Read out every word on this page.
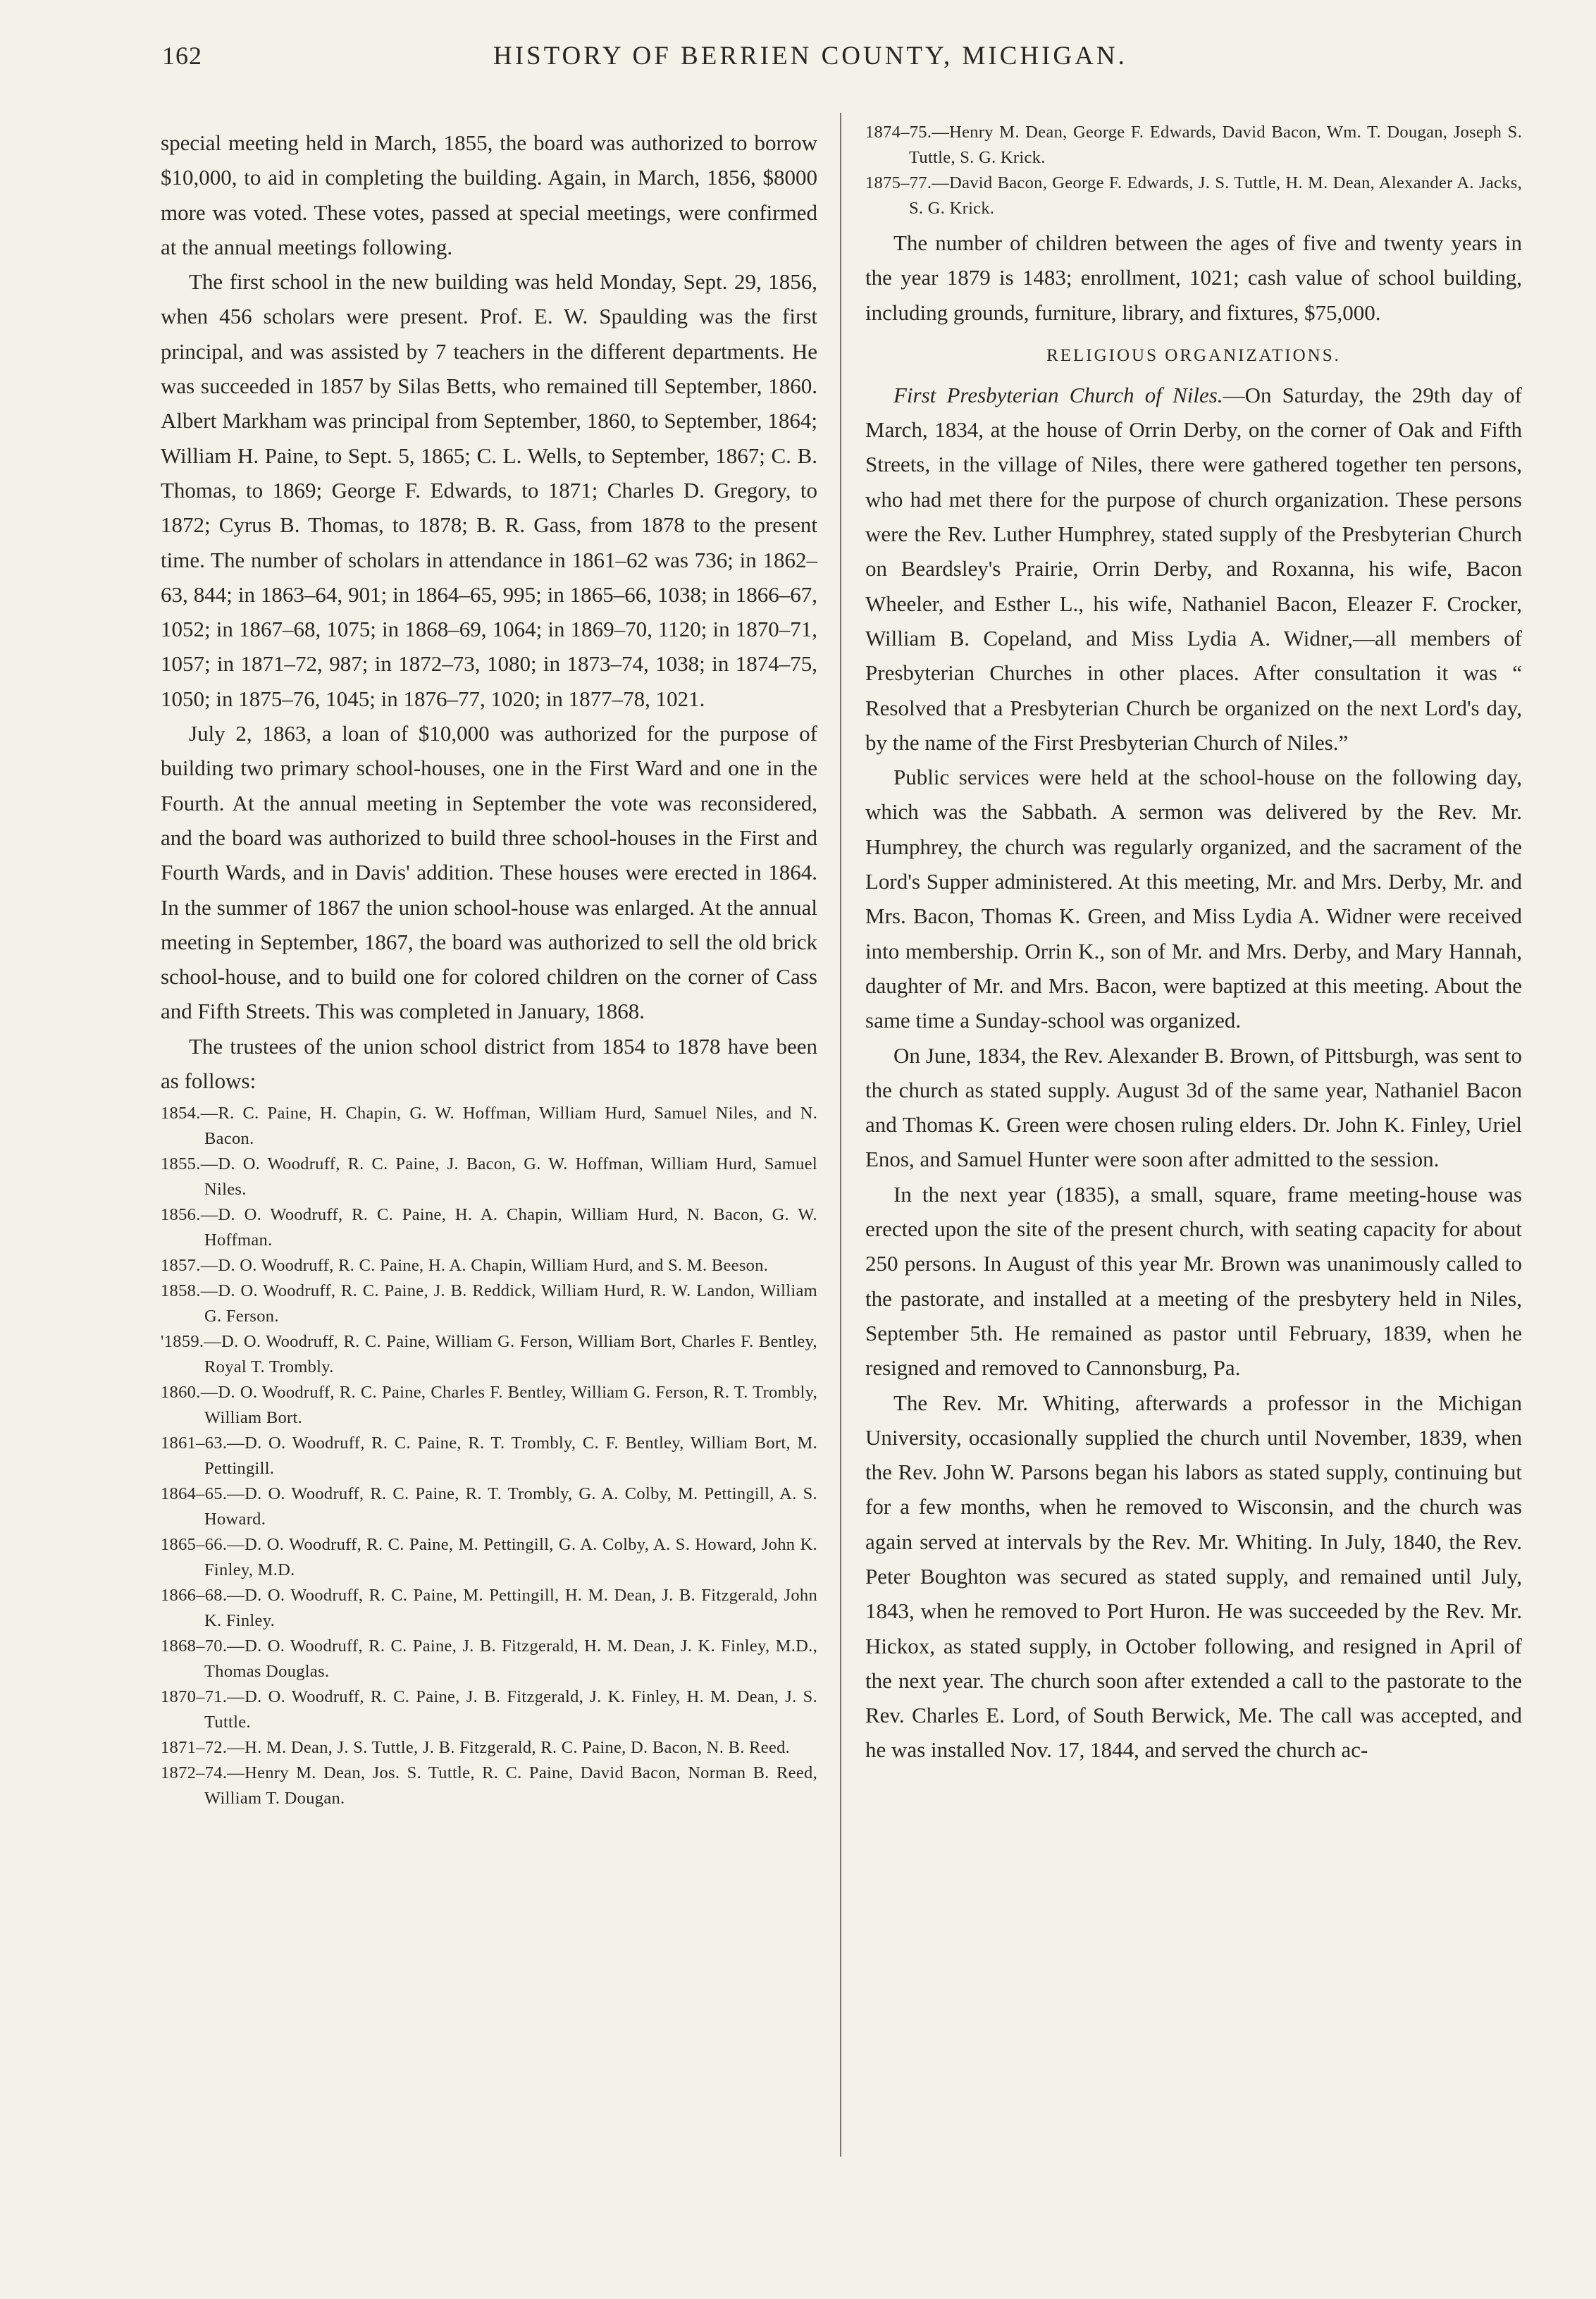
162	HISTORY OF BERRIEN COUNTY, MICHIGAN.

special meeting held in March, 1855, the board was authorized to borrow $10,000, to aid in completing the building. Again, in March, 1856, $8000 more was voted. These votes, passed at special meetings, were confirmed at the annual meetings following.

The first school in the new building was held Monday, Sept. 29, 1856, when 456 scholars were present. Prof. E. W. Spaulding was the first principal, and was assisted by 7 teachers in the different departments. He was succeeded in 1857 by Silas Betts, who remained till September, 1860. Albert Markham was principal from September, 1860, to September, 1864; William H. Paine, to Sept. 5, 1865; C. L. Wells, to September, 1867; C. B. Thomas, to 1869; George F. Edwards, to 1871; Charles D. Gregory, to 1872; Cyrus B. Thomas, to 1878; B. R. Gass, from 1878 to the present time. The number of scholars in attendance in 1861–62 was 736; in 1862–63, 844; in 1863–64, 901; in 1864–65, 995; in 1865–66, 1038; in 1866–67, 1052; in 1867–68, 1075; in 1868–69, 1064; in 1869–70, 1120; in 1870–71, 1057; in 1871–72, 987; in 1872–73, 1080; in 1873–74, 1038; in 1874–75, 1050; in 1875–76, 1045; in 1876–77, 1020; in 1877–78, 1021.

July 2, 1863, a loan of $10,000 was authorized for the purpose of building two primary school-houses, one in the First Ward and one in the Fourth. At the annual meeting in September the vote was reconsidered, and the board was authorized to build three school-houses in the First and Fourth Wards, and in Davis' addition. These houses were erected in 1864. In the summer of 1867 the union school-house was enlarged. At the annual meeting in September, 1867, the board was authorized to sell the old brick school-house, and to build one for colored children on the corner of Cass and Fifth Streets. This was completed in January, 1868.

The trustees of the union school district from 1854 to 1878 have been as follows:

1854.—R. C. Paine, H. Chapin, G. W. Hoffman, William Hurd, Samuel Niles, and N. Bacon.
1855.—D. O. Woodruff, R. C. Paine, J. Bacon, G. W. Hoffman, William Hurd, Samuel Niles.
1856.—D. O. Woodruff, R. C. Paine, H. A. Chapin, William Hurd, N. Bacon, G. W. Hoffman.
1857.—D. O. Woodruff, R. C. Paine, H. A. Chapin, William Hurd, and S. M. Beeson.
1858.—D. O. Woodruff, R. C. Paine, J. B. Reddick, William Hurd, R. W. Landon, William G. Ferson.
'1859.—D. O. Woodruff, R. C. Paine, William G. Ferson, William Bort, Charles F. Bentley, Royal T. Trombly.
1860.—D. O. Woodruff, R. C. Paine, Charles F. Bentley, William G. Ferson, R. T. Trombly, William Bort.
1861–63.—D. O. Woodruff, R. C. Paine, R. T. Trombly, C. F. Bentley, William Bort, M. Pettingill.
1864–65.—D. O. Woodruff, R. C. Paine, R. T. Trombly, G. A. Colby, M. Pettingill, A. S. Howard.
1865–66.—D. O. Woodruff, R. C. Paine, M. Pettingill, G. A. Colby, A. S. Howard, John K. Finley, M.D.
1866–68.—D. O. Woodruff, R. C. Paine, M. Pettingill, H. M. Dean, J. B. Fitzgerald, John K. Finley.
1868–70.—D. O. Woodruff, R. C. Paine, J. B. Fitzgerald, H. M. Dean, J. K. Finley, M.D., Thomas Douglas.
1870–71.—D. O. Woodruff, R. C. Paine, J. B. Fitzgerald, J. K. Finley, H. M. Dean, J. S. Tuttle.
1871–72.—H. M. Dean, J. S. Tuttle, J. B. Fitzgerald, R. C. Paine, D. Bacon, N. B. Reed.
1872–74.—Henry M. Dean, Jos. S. Tuttle, R. C. Paine, David Bacon, Norman B. Reed, William T. Dougan.
1874–75.—Henry M. Dean, George F. Edwards, David Bacon, Wm. T. Dougan, Joseph S. Tuttle, S. G. Krick.
1875–77.—David Bacon, George F. Edwards, J. S. Tuttle, H. M. Dean, Alexander A. Jacks, S. G. Krick.

The number of children between the ages of five and twenty years in the year 1879 is 1483; enrollment, 1021; cash value of school building, including grounds, furniture, library, and fixtures, $75,000.

RELIGIOUS ORGANIZATIONS.

First Presbyterian Church of Niles.—On Saturday, the 29th day of March, 1834, at the house of Orrin Derby, on the corner of Oak and Fifth Streets, in the village of Niles, there were gathered together ten persons, who had met there for the purpose of church organization. These persons were the Rev. Luther Humphrey, stated supply of the Presbyterian Church on Beardsley's Prairie, Orrin Derby, and Roxanna, his wife, Bacon Wheeler, and Esther L., his wife, Nathaniel Bacon, Eleazer F. Crocker, William B. Copeland, and Miss Lydia A. Widner,—all members of Presbyterian Churches in other places. After consultation it was “ Resolved that a Presbyterian Church be organized on the next Lord's day, by the name of the First Presbyterian Church of Niles.”

Public services were held at the school-house on the following day, which was the Sabbath. A sermon was delivered by the Rev. Mr. Humphrey, the church was regularly organized, and the sacrament of the Lord's Supper administered. At this meeting, Mr. and Mrs. Derby, Mr. and Mrs. Bacon, Thomas K. Green, and Miss Lydia A. Widner were received into membership. Orrin K., son of Mr. and Mrs. Derby, and Mary Hannah, daughter of Mr. and Mrs. Bacon, were baptized at this meeting. About the same time a Sunday-school was organized.

On June, 1834, the Rev. Alexander B. Brown, of Pittsburgh, was sent to the church as stated supply. August 3d of the same year, Nathaniel Bacon and Thomas K. Green were chosen ruling elders. Dr. John K. Finley, Uriel Enos, and Samuel Hunter were soon after admitted to the session.

In the next year (1835), a small, square, frame meeting-house was erected upon the site of the present church, with seating capacity for about 250 persons. In August of this year Mr. Brown was unanimously called to the pastorate, and installed at a meeting of the presbytery held in Niles, September 5th. He remained as pastor until February, 1839, when he resigned and removed to Cannonsburg, Pa.

The Rev. Mr. Whiting, afterwards a professor in the Michigan University, occasionally supplied the church until November, 1839, when the Rev. John W. Parsons began his labors as stated supply, continuing but for a few months, when he removed to Wisconsin, and the church was again served at intervals by the Rev. Mr. Whiting. In July, 1840, the Rev. Peter Boughton was secured as stated supply, and remained until July, 1843, when he removed to Port Huron. He was succeeded by the Rev. Mr. Hickox, as stated supply, in October following, and resigned in April of the next year. The church soon after extended a call to the pastorate to the Rev. Charles E. Lord, of South Berwick, Me. The call was accepted, and he was installed Nov. 17, 1844, and served the church ac-
